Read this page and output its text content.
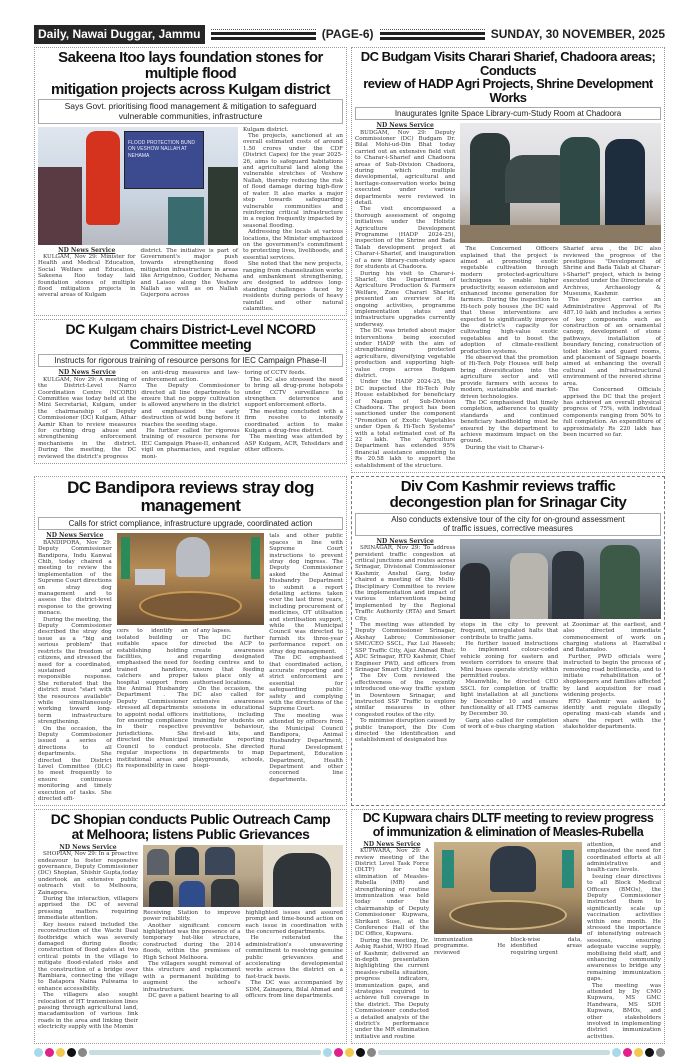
Daily, Nawai Duggar, Jammu	(PAGE-6)	SUNDAY, 30 NOVEMBER, 2025
Sakeena Itoo lays foundation stones for multiple flood
mitigation projects across Kulgam district
Says Govt. prioritising flood management & mitigation to safeguard
vulnerable communities, infrastructure
FLOOD PROTECTION BUND ON VESHOW NALLAH AT NEHAMA

ND News Service

KULGAM, Nov 29: Minister for Health and Medical Education, Social Welfare and Education, Sakeena Itoo today laid foundation stones of multiple flood mitigation projects in several areas of Kulgam

district. The initiative is part of Government's major push towards strengthening flood mitigation infrastructure in areas like Arrigutnoo, Gudder, Nehama and Laisoo along the Veshow Nallah as well as on Nallah Gujerpora across

Kulgam district.

The projects, sanctioned at an overall estimated costs of around 1.50 crores under the CDF (District Capex) for the year 2025-26, aims to safeguard habitations and agricultural land along the vulnerable stretches of Veshow Nallah, thereby reducing the risk of flood damage during high-flow of water. It also marks a major step towards safeguarding vulnerable communities and reinforcing critical infrastructure in a region frequently impacted by seasonal flooding.

Addressing the locals at various locations, the Minister emphasized on the government's commitment to protecting lives, livelihoods, and essential services.

She noted that the new projects, ranging from channelization works and embankment strengthening, are designed to address long-standing challenges faced by residents during periods of heavy rainfall and other natural calamities.

DC Kulgam chairs District-Level NCORD Committee meeting
Instructs for rigorous training of resource persons for IEC Campaign Phase-II

ND News Service

KULGAM, Nov 29: A meeting of the District-Level Narco Coordination Centre (NCORD) Committee was today held at the Mini Secretariat, Kulgam, under the chairmanship of Deputy Commissioner (DC) Kulgam, Athar Aamir Khan to review measures for curbing drug abuse and strengthening enforcement mechanisms in the district. During the meeting, the DC reviewed the district's progress

on anti-drug measures and law-enforcement action.

The Deputy Commissioner directed all line departments to ensure that no poppy cultivation is allowed anywhere in the district and emphasized the early destruction of wild bung before it reaches the seeding stage.

He further called for rigorous training of resource persons for IEC Campaign Phase-II, enhanced vigil on pharmacies, and regular moni-

toring of CCTV feeds.

The DC also stressed the need to bring all drug-prone hotspots under CCTV surveillance to strengthen deterrence and support enforcement efforts.

The meeting concluded with a firm resolve to intensify coordinated action to make Kulgam a drug-free district.

The meeting was attended by ASP Kulgam, ACR, Tehsildars and other officers.

DC Budgam Visits Charari Sharief, Chadoora areas; Conducts
review of HADP Agri Projects, Shrine Development Works
Inaugurates Ignite Space Library-cum-Study Room at Chadoora

ND News Service

BUDGAM, Nov 29: Deputy Commissioner (DC) Budgam Dr. Bilal Mohi-ud-Din Bhat today carried out an extensive field visit to Charar-i-Sharief and Chadoora areas of Sub-Division Chadoora, during which multiple developmental, agricultural and heritage-conservation works being executed under various departments were reviewed in detail.

The visit encompassed a thorough assessment of ongoing initiatives under the Holistic Agriculture Development Programme (HADP 2024-25), inspection of the Shrine and Bada Talab development project at Charar-i-Sharief, and inauguration of a new library-cum-study space for students at Chadoora.

During his visit to Charar-i-Sharief, the Department of Agriculture Production & Farmers Welfare, Zone Charari Sharief, presented an overview of its ongoing activities, programme implementation status and infrastructure upgrades currently underway.

The DC was briefed about major interventions being executed under HADP with the aim of strengthening protected agriculture, diversifying vegetable production and supporting high-value crops across Budgam district.

Under the HADP 2024-25, the DC inspected the Hi-Tech Poly House established for beneficiary of Nagam of Sub-Division Chadoora. The project has been sanctioned under the component "Promotion of Exotic Vegetables under Open & Hi-Tech Systems" with a total estimated cost of Rs 22 lakh. The Agriculture Department has extended 95% financial assistance amounting to Rs 20.58 lakh to support the establishment of the structure.

The Concerned Officers explained that the project is aimed at promoting exotic vegetable cultivation through modern protected-agriculture techniques to enable higher productivity, season extension and enhanced income generation for farmers. During the inspection to Hi-tech poly houses ,the DC said that these interventions are expected to significantly improve the district's capacity for cultivating high-value exotic vegetables and to boost the adoption of climate-resilient production systems.

He observed that the promotion of Hi-Tech Poly Houses will help bring diversification into the agriculture sector and will provide farmers with access to modern, sustainable and market-driven technologies.

The DC emphasised that timely completion, adherence to quality standards and continued beneficiary handholding must be ensured by the department to achieve maximum impact on the ground.

During the visit to Charar-i-

Sharief area , the DC also reviewed the progress of the prestigious "Development of Shrine and Bada Talab at Charar-i-Sharief" project, which is being executed under the Directorate of Archives, Archaeology & Museums, Kashmir.

The project carries an Administrative Approval of Rs 487.10 lakh and includes a series of key components such as construction of an ornamental canopy, development of stone pathways, installation of boundary fencing, construction of toilet blocks and guard rooms, and placement of Signage boards aimed at enhancing the overall cultural and infrastructural environment of the revered shrine area.

The Concerned Officials apprised the DC that the project has achieved an overall physical progress of 75%, with individual components ranging from 50% to full completion. An expenditure of approximately Rs 220 lakh has been incurred so far.

DC Bandipora reviews stray dog management
Calls for strict compliance, infrastructure upgrade, coordinated action

ND News Service

BANDIPORA, Nov 29: Deputy Commissioner Bandipora, Indu Kanwal Chib, today chaired a meeting to review the implementation of the Supreme Court directions on stray dog management and to assess the district-level response to the growing menace.

During the meeting, the Deputy Commissioner described the stray dog issue as a "big and serious problem" that restricts the freedom of citizens, and stressed the need for a coordinated, sustained and responsible response. She reiterated that the district must "start with the resources available" while simultaneously working toward long-term infrastructure strengthening.

On the occasion, the Deputy Commissioner issued a series of directions to all departments. She directed the District Level Committee (DLC) to meet frequently to ensure continuous monitoring and timely execution of tasks. She directed offi-

cers to identify an isolated building or suitable space for establishing holding facilities, and emphasised the need for trained handlers, catchers and proper hospital support from the Animal Husbandry Department . The Deputy Commissioner stressed all departments to appoint nodal officers for ensuring compliance in their respective jurisdictions. She directed the Municipal Council to conduct regular inspections in institutional areas and fix responsibility in case

of any lapses.

The DC further directed the ACP to create awareness regarding designated feeding centres and to ensure that feeding takes place only at authorised locations.

On the occasion, the DC also called for extensive awareness sessions in educational institutions, including training for students on preventive behaviour, first-aid kits, and immediate reporting protocols. She directed departments to map playgrounds, schools, hospi-

tals and other public spaces in line with Supreme Court instructions to prevent stray dog ingress. The Deputy Commissioner asked the Animal Husbandry Department to submit a report detailing actions taken over the last three years, including procurement of medicines, OT utilisation and sterilisation support, while the Municipal Council was directed to furnish its three-year performance report on stray dog management.

The DC emphasised that coordinated action, accurate reporting and strict enforcement are essential for safeguarding public safety and complying with the directions of the Supreme Court.

The meeting was attended by officers from the Municipal Council Bandipora, Animal Husbandry Department, Rural Development Department, Education Department, Health Department and other concerned line departments.

Div Com Kashmir reviews traffic
decongestion plan for Srinagar City
Also conducts extensive tour of the city for on-ground assessment
of traffic issues, corrective measures

ND News Service

SRINAGAR, Nov 29: To address persistent traffic congestion at critical junctions and routes across Srinagar, Divisional Commissioner Kashmir, Anshul Garg, today chaired a meeting of the Multi-Disciplinary Committee to review the implementation and impact of various interventions being implemented by the Regional Traffic Authority (RTA) and Smart City.

The meeting was attended by Deputy Commissioner Srinagar, Akshay Labroo; Commissioner SMC/CEO SSCL, Faz Lul Haseeb; SSP Traffic City, Ajaz Ahmad Bhat; ADC Srinagar, RTO Kashmir, Chief Engineer PWD, and officers from Srinagar Smart City Limited.

The Div Com reviewed the effectiveness of the recently introduced one-way traffic system in Downtown Srinagar, and instructed SSP Traffic to explore similar measures in other congested routes of the city.

To minimise disruption caused by public transport, the Div Com directed the identification and establishment of designated bus

stops in the city to prevent frequent, unregulated halts that contribute to traffic jams.

He further issued instructions to implement colour-coded vehicle zoning for eastern and western corridors to ensure that Mini buses operate strictly within permitted routes.

Meanwhile, he directed CEO SSCL for completion of traffic light installation at all junctions by December 10 and ensure functionality of all ITMS cameras by December 30.

Garg also called for completion of work of e-bus charging station

at Zoonimar at the earliest, and also directed immediate commencement of work on charging stations at Hazratbal and Batamaloo.

Further, PWD officials were instructed to begin the process of removing road bottlenecks, and to initiate rehabilitation of shopkeepers and families affected by land acquisition for road widening projects.

RTO Kashmir was asked to identify and regulate illegally operating maxi-cab stands and share the report with the stakeholder departments.

DC Shopian conducts Public Outreach Camp
at Melhoora; listens Public Grievances

ND News Service

SHOPIAN, Nov 29: In a proactive endeavour to foster responsive governance, Deputy Commissioner (DC) Shopian, Shishir Gupta,today undertook an extensive public outreach visit to Melhoora, Zainapora.

During the interaction, villagers apprised the DC of several pressing matters requiring immediate attention.

Key issues raised included the reconstruction of the Wachi Daal footbridge which was severely damaged during floods; construction of flood gates at two critical points in the village to mitigate flood-related risks and the construction of a bridge over Rambiara, connecting the village to Batapora Naina Pulwama to enhance accessibility.

The villagers also sought relocation of HT transmission lines passing through agricultural land, macadamisation of various link roads in the area and linking their electricity supply with the Momin

Receiving Station to improve power reliability.

Another significant concern highlighted was the presence of a temporary hut-like structure, constructed during the 2014 floods, within the premises of High School Melhoora.

The villagers sought removal of this structure and replacement with a permanent building to augment the school's infrastructure.

DC gave a patient hearing to all

highlighted issues and assured prompt and time-bound action on each issue in coordination with the concerned departments.

He reiterated the administration's unwavering commitment to resolving genuine public grievances and accelerating developmental works across the district on a fast-track basis.

The DC was accompanied by SDM, Zainapora, Bilal Ahmad and officers from line departments.

DC Kupwara chairs DLTF meeting to review progress
of immunization & elimination of Measles-Rubella

ND News Service

KUPWARA, Nov 29: A review meeting of the District Level Task Force (DLTF) for the elimination of Measles-Rubella (MR) and strengthening of routine immunization was held today under the chairmanship of Deputy Commissioner Kupwara, Shrikant Suse, at the Conference Hall of the DC Office, Kupwara.

During the meeting, Dr. Ashiq Rashid, WHO Head of Kashmir, delivered an in-depth presentation highlighting the current measles-rubella situation, progress indicators, immunization gaps, and strategies required to achieve full coverage in the district. The Deputy Commissioner conducted a detailed analysis of the district's performance under the MR elimination initiative and routine

immunization programme. He reviewed

block-wise data, identified areas requiring urgent

attention, and emphasized the need for coordinated efforts at all administrative and health-care levels.

Issuing clear directives to all Block Medical Officers (BMOs), the Deputy Commissioner instructed them to significantly scale up vaccination activities within one month. He stressed the importance of intensifying outreach sessions, ensuring adequate vaccine supply, mobilising field staff, and enhancing community awareness to bridge any remaining immunization gaps.

The meeting was attended by Dy CMO Kupwara, MS GMC Handwara, MS SDH Kupwara, BMOs, and other stakeholders involved in implementing district immunization activities.
